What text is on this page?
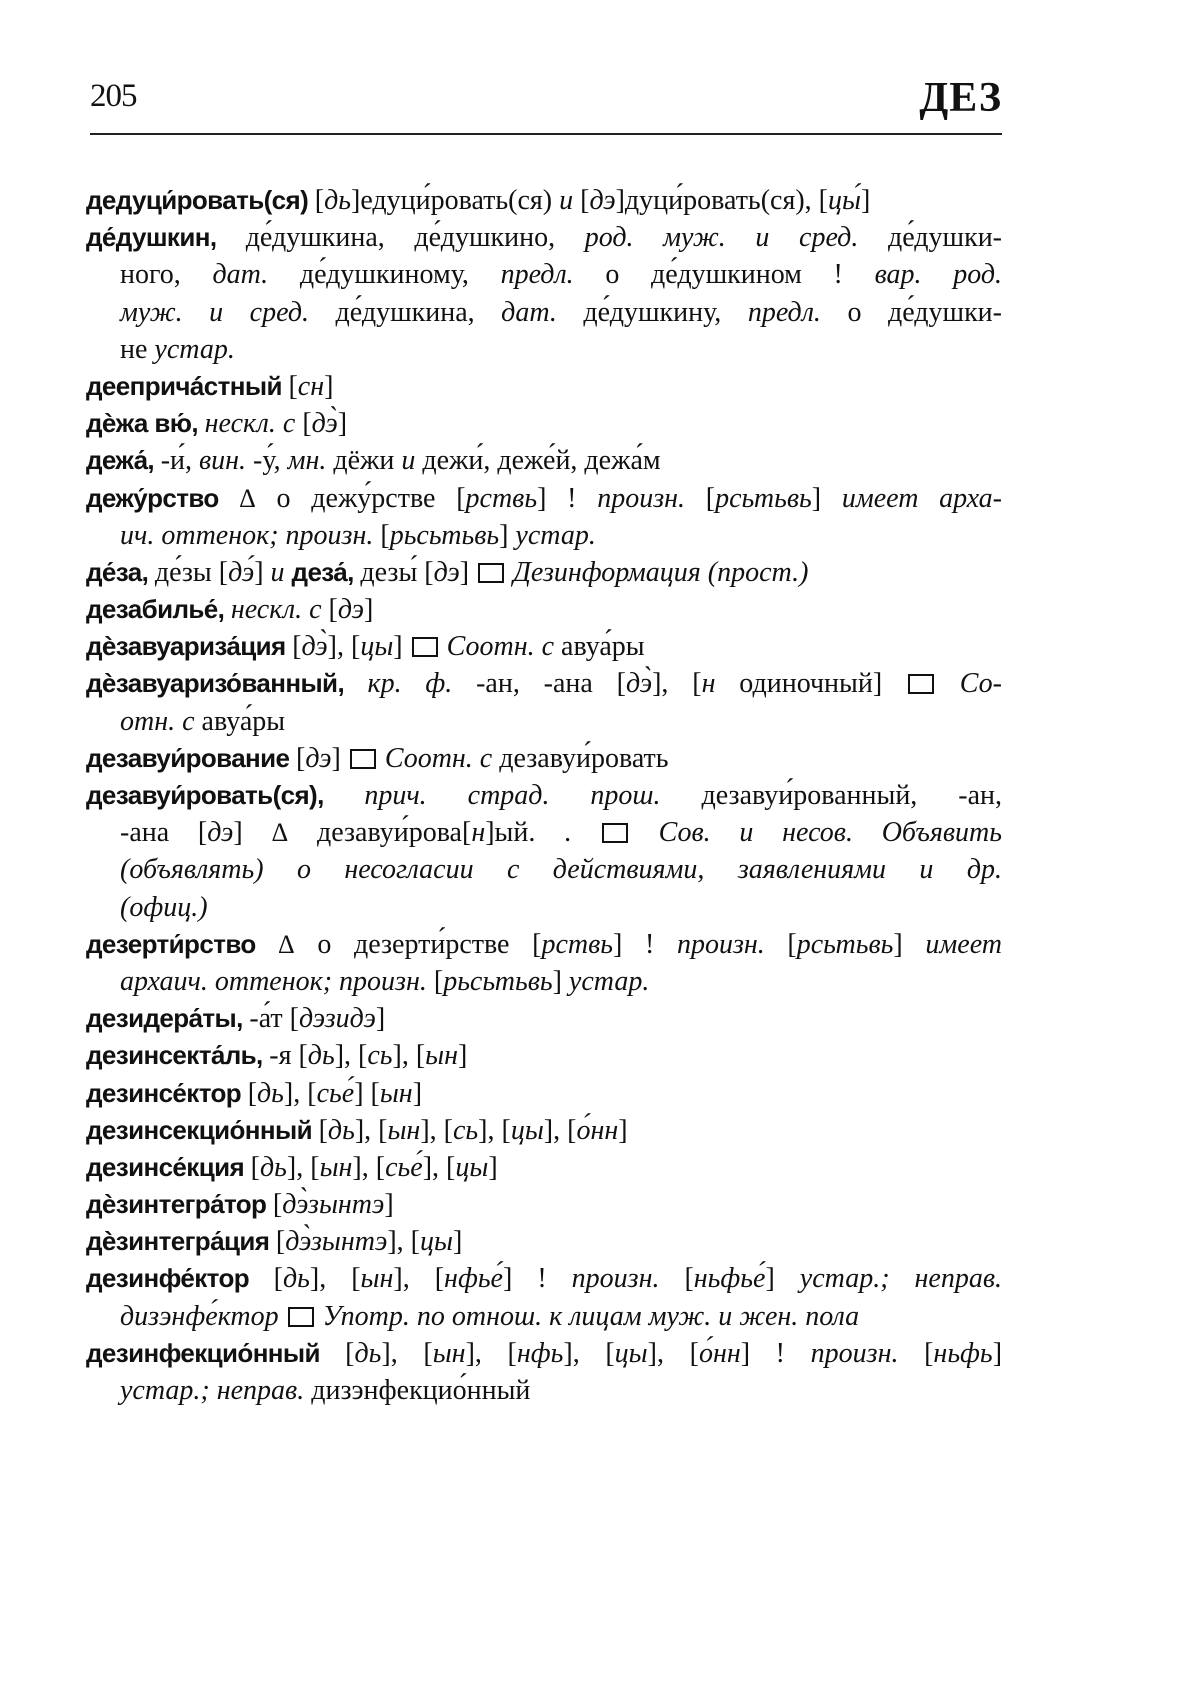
205	ДЕЗ
дедуци́ровать(ся) [дь]едуци́ровать(ся) и [дэ]дуци́ровать(ся), [цы́]
де́душкин, де́душкина, де́душкино, род. муж. и сред. де́душки-
ного, дат. де́душкиному, предл. о де́душкином ! вар. род.
муж. и сред. де́душкина, дат. де́душкину, предл. о де́душки-
не устар.
деепричáстный [сн]
дѐжа вю́, нескл. с [дэ̀]
дежа́, -и́, вин. -у́, мн. дёжи и дежи́, деже́й, дежа́м
дежу́рство Δ о дежу́рстве [рствь] ! произн. [рсьтьвь] имеет арха-
ич. оттенок; произн. [рьсьтьвь] устар.
де́за, де́зы [дэ́] и деза́, дезы́ [дэ]  Дезинформация (прост.)
дезабилье́, нескл. с [дэ]
дѐзавуариза́ция [дэ̀], [цы]  Соотн. с авуа́ры
дѐзавуаризо́ванный, кр. ф. -ан, -ана [дэ̀], [н одиночный]  Со-
отн. с авуа́ры
дезавуи́рование [дэ]  Соотн. с дезавуи́ровать
дезавуи́ровать(ся), прич. страд. прош. дезавуи́рованный, -ан,
-ана [дэ] Δ дезавуи́рова[н]ый. .  Сов. и несов. Объявить
(объявлять) о несогласии с действиями, заявлениями и др.
(офиц.)
дезерти́рство Δ о дезерти́рстве [рствь] ! произн. [рсьтьвь] имеет
архаич. оттенок; произн. [рьсьтьвь] устар.
дезидера́ты, -а́т [дэзидэ]
дезинсекта́ль, -я [дь], [сь], [ын]
дезинсе́ктор [дь], [сье́] [ын]
дезинсекцио́нный [дь], [ын], [сь], [цы], [о́нн]
дезинсе́кция [дь], [ын], [сье́], [цы]
дѐзинтегра́тор [дэ̀зынтэ]
дѐзинтегра́ция [дэ̀зынтэ], [цы]
дезинфе́ктор [дь], [ын], [нфье́] ! произн. [ньфье́] устар.; неправ.
дизэнфе́ктор  Употр. по отнош. к лицам муж. и жен. пола
дезинфекцио́нный [дь], [ын], [нфь], [цы], [о́нн] ! произн. [ньфь]
устар.; неправ. дизэнфекцио́нный
